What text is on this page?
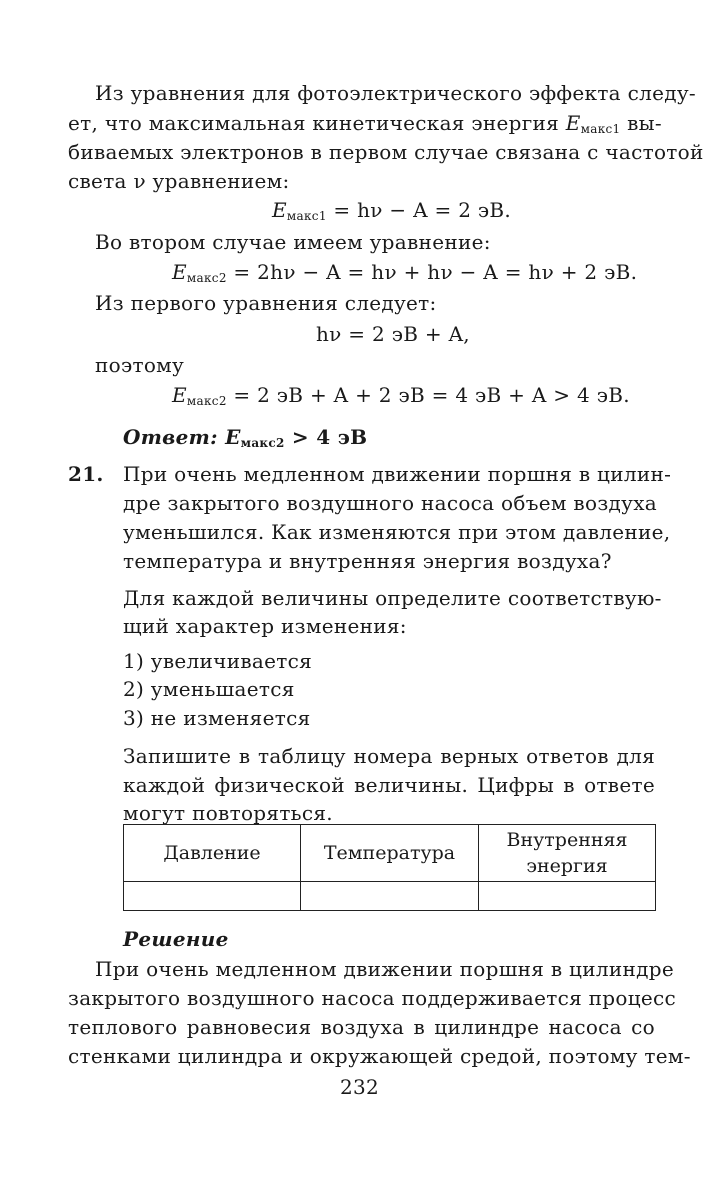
Из уравнения для фотоэлектрического эффекта следу-
ет, что максимальная кинетическая энергия $E_{макс1}$ вы-
биваемых электронов в первом случае связана с частотой
света ν уравнением:
$E_{макс1} = h\nu - A = 2$ эВ.
Во втором случае имеем уравнение:
$E_{макс2} = 2h\nu - A = h\nu + h\nu - A = h\nu + 2$ эВ.
Из первого уравнения следует:
hν = 2 эВ + A,
поэтому
$E_{макс2} = 2$ эВ + A + 2 эВ = 4 эВ + A > 4 эВ.
Ответ: $E_{макс2} > 4$ эВ
21. При очень медленном движении поршня в цилин-
дре закрытого воздушного насоса объем воздуха
уменьшился. Как изменяются при этом давление,
температура и внутренняя энергия воздуха?
Для каждой величины определите соответствую-
щий характер изменения:
1) увеличивается
2) уменьшается
3) не изменяется
Запишите в таблицу номера верных ответов для
каждой физической величины. Цифры в ответе
могут повторяться.
Давление	Температура	Внутренняя энергия

Решение
При очень медленном движении поршня в цилиндре
закрытого воздушного насоса поддерживается процесс
теплового равновесия воздуха в цилиндре насоса со
стенками цилиндра и окружающей средой, поэтому тем-
232
